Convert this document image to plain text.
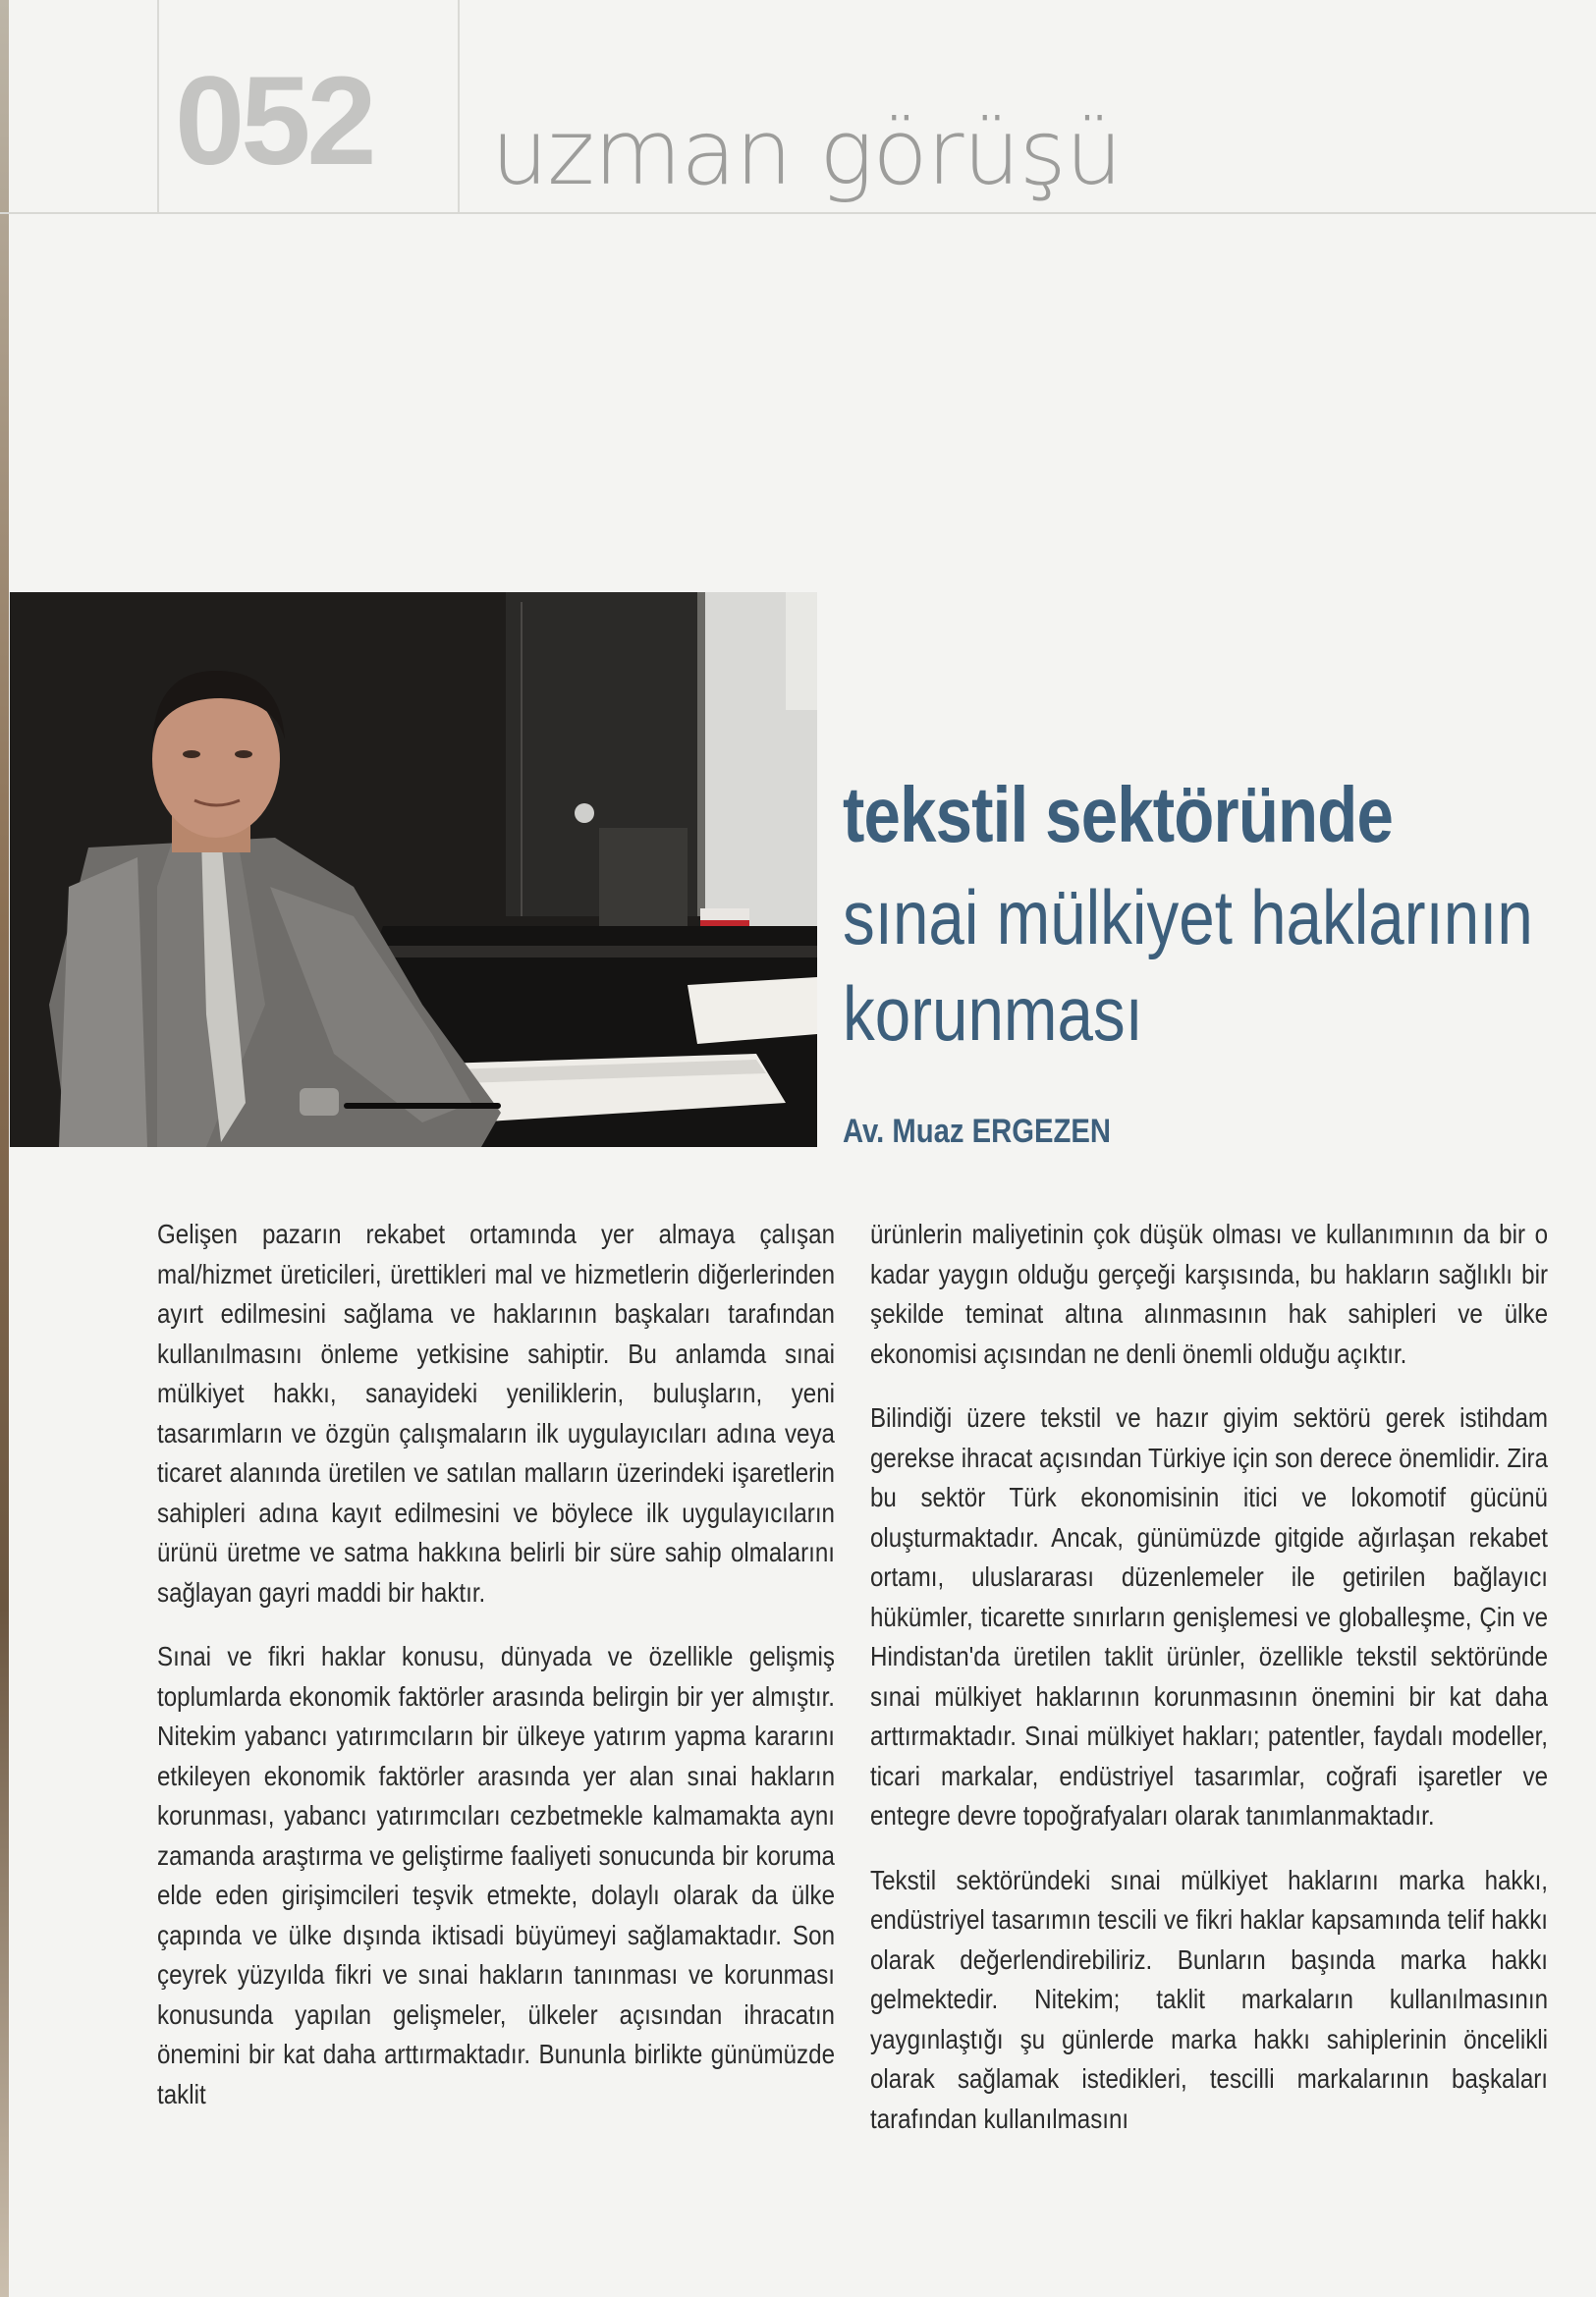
052 uzman görüşü
tekstil sektöründe
sınai mülkiyet haklarının
korunması
Av. Muaz ERGEZEN

Gelişen pazarın rekabet ortamında yer almaya çalışan mal/hizmet üreticileri, ürettikleri mal ve hizmetlerin diğerlerinden ayırt edilmesini sağlama ve haklarının başkaları tarafından kullanılmasını önleme yetkisine sahiptir. Bu anlamda sınai mülkiyet hakkı, sanayideki yeniliklerin, buluşların, yeni tasarımların ve özgün çalışmaların ilk uygulayıcıları adına veya ticaret alanında üretilen ve satılan malların üzerindeki işaretlerin sahipleri adına kayıt edilmesini ve böylece ilk uygulayıcıların ürünü üretme ve satma hakkına belirli bir süre sahip olmalarını sağlayan gayri maddi bir haktır.

Sınai ve fikri haklar konusu, dünyada ve özellikle gelişmiş toplumlarda ekonomik faktörler arasında belirgin bir yer almıştır. Nitekim yabancı yatırımcıların bir ülkeye yatırım yapma kararını etkileyen ekonomik faktörler arasında yer alan sınai hakların korunması, yabancı yatırımcıları cezbetmekle kalmamakta aynı zamanda araştırma ve geliştirme faaliyeti sonucunda bir koruma elde eden girişimcileri teşvik etmekte, dolaylı olarak da ülke çapında ve ülke dışında iktisadi büyümeyi sağlamaktadır. Son çeyrek yüzyılda fikri ve sınai hakların tanınması ve korunması konusunda yapılan gelişmeler, ülkeler açısından ihracatın önemini bir kat daha arttırmaktadır. Bununla birlikte günümüzde taklit

ürünlerin maliyetinin çok düşük olması ve kullanımının da bir o kadar yaygın olduğu gerçeği karşısında, bu hakların sağlıklı bir şekilde teminat altına alınmasının hak sahipleri ve ülke ekonomisi açısından ne denli önemli olduğu açıktır.

Bilindiği üzere tekstil ve hazır giyim sektörü gerek istihdam gerekse ihracat açısından Türkiye için son derece önemlidir. Zira bu sektör Türk ekonomisinin itici ve lokomotif gücünü oluşturmaktadır. Ancak, günümüzde gitgide ağırlaşan rekabet ortamı, uluslararası düzenlemeler ile getirilen bağlayıcı hükümler, ticarette sınırların genişlemesi ve globalleşme, Çin ve Hindistan'da üretilen taklit ürünler, özellikle tekstil sektöründe sınai mülkiyet haklarının korunmasının önemini bir kat daha arttırmaktadır. Sınai mülkiyet hakları; patentler, faydalı modeller, ticari markalar, endüstriyel tasarımlar, coğrafi işaretler ve entegre devre topoğrafyaları olarak tanımlanmaktadır.

Tekstil sektöründeki sınai mülkiyet haklarını marka hakkı, endüstriyel tasarımın tescili ve fikri haklar kapsamında telif hakkı olarak değerlendirebiliriz. Bunların başında marka hakkı gelmektedir. Nitekim; taklit markaların kullanılmasının yaygınlaştığı şu günlerde marka hakkı sahiplerinin öncelikli olarak sağlamak istedikleri, tescilli markalarının başkaları tarafından kullanılmasını
